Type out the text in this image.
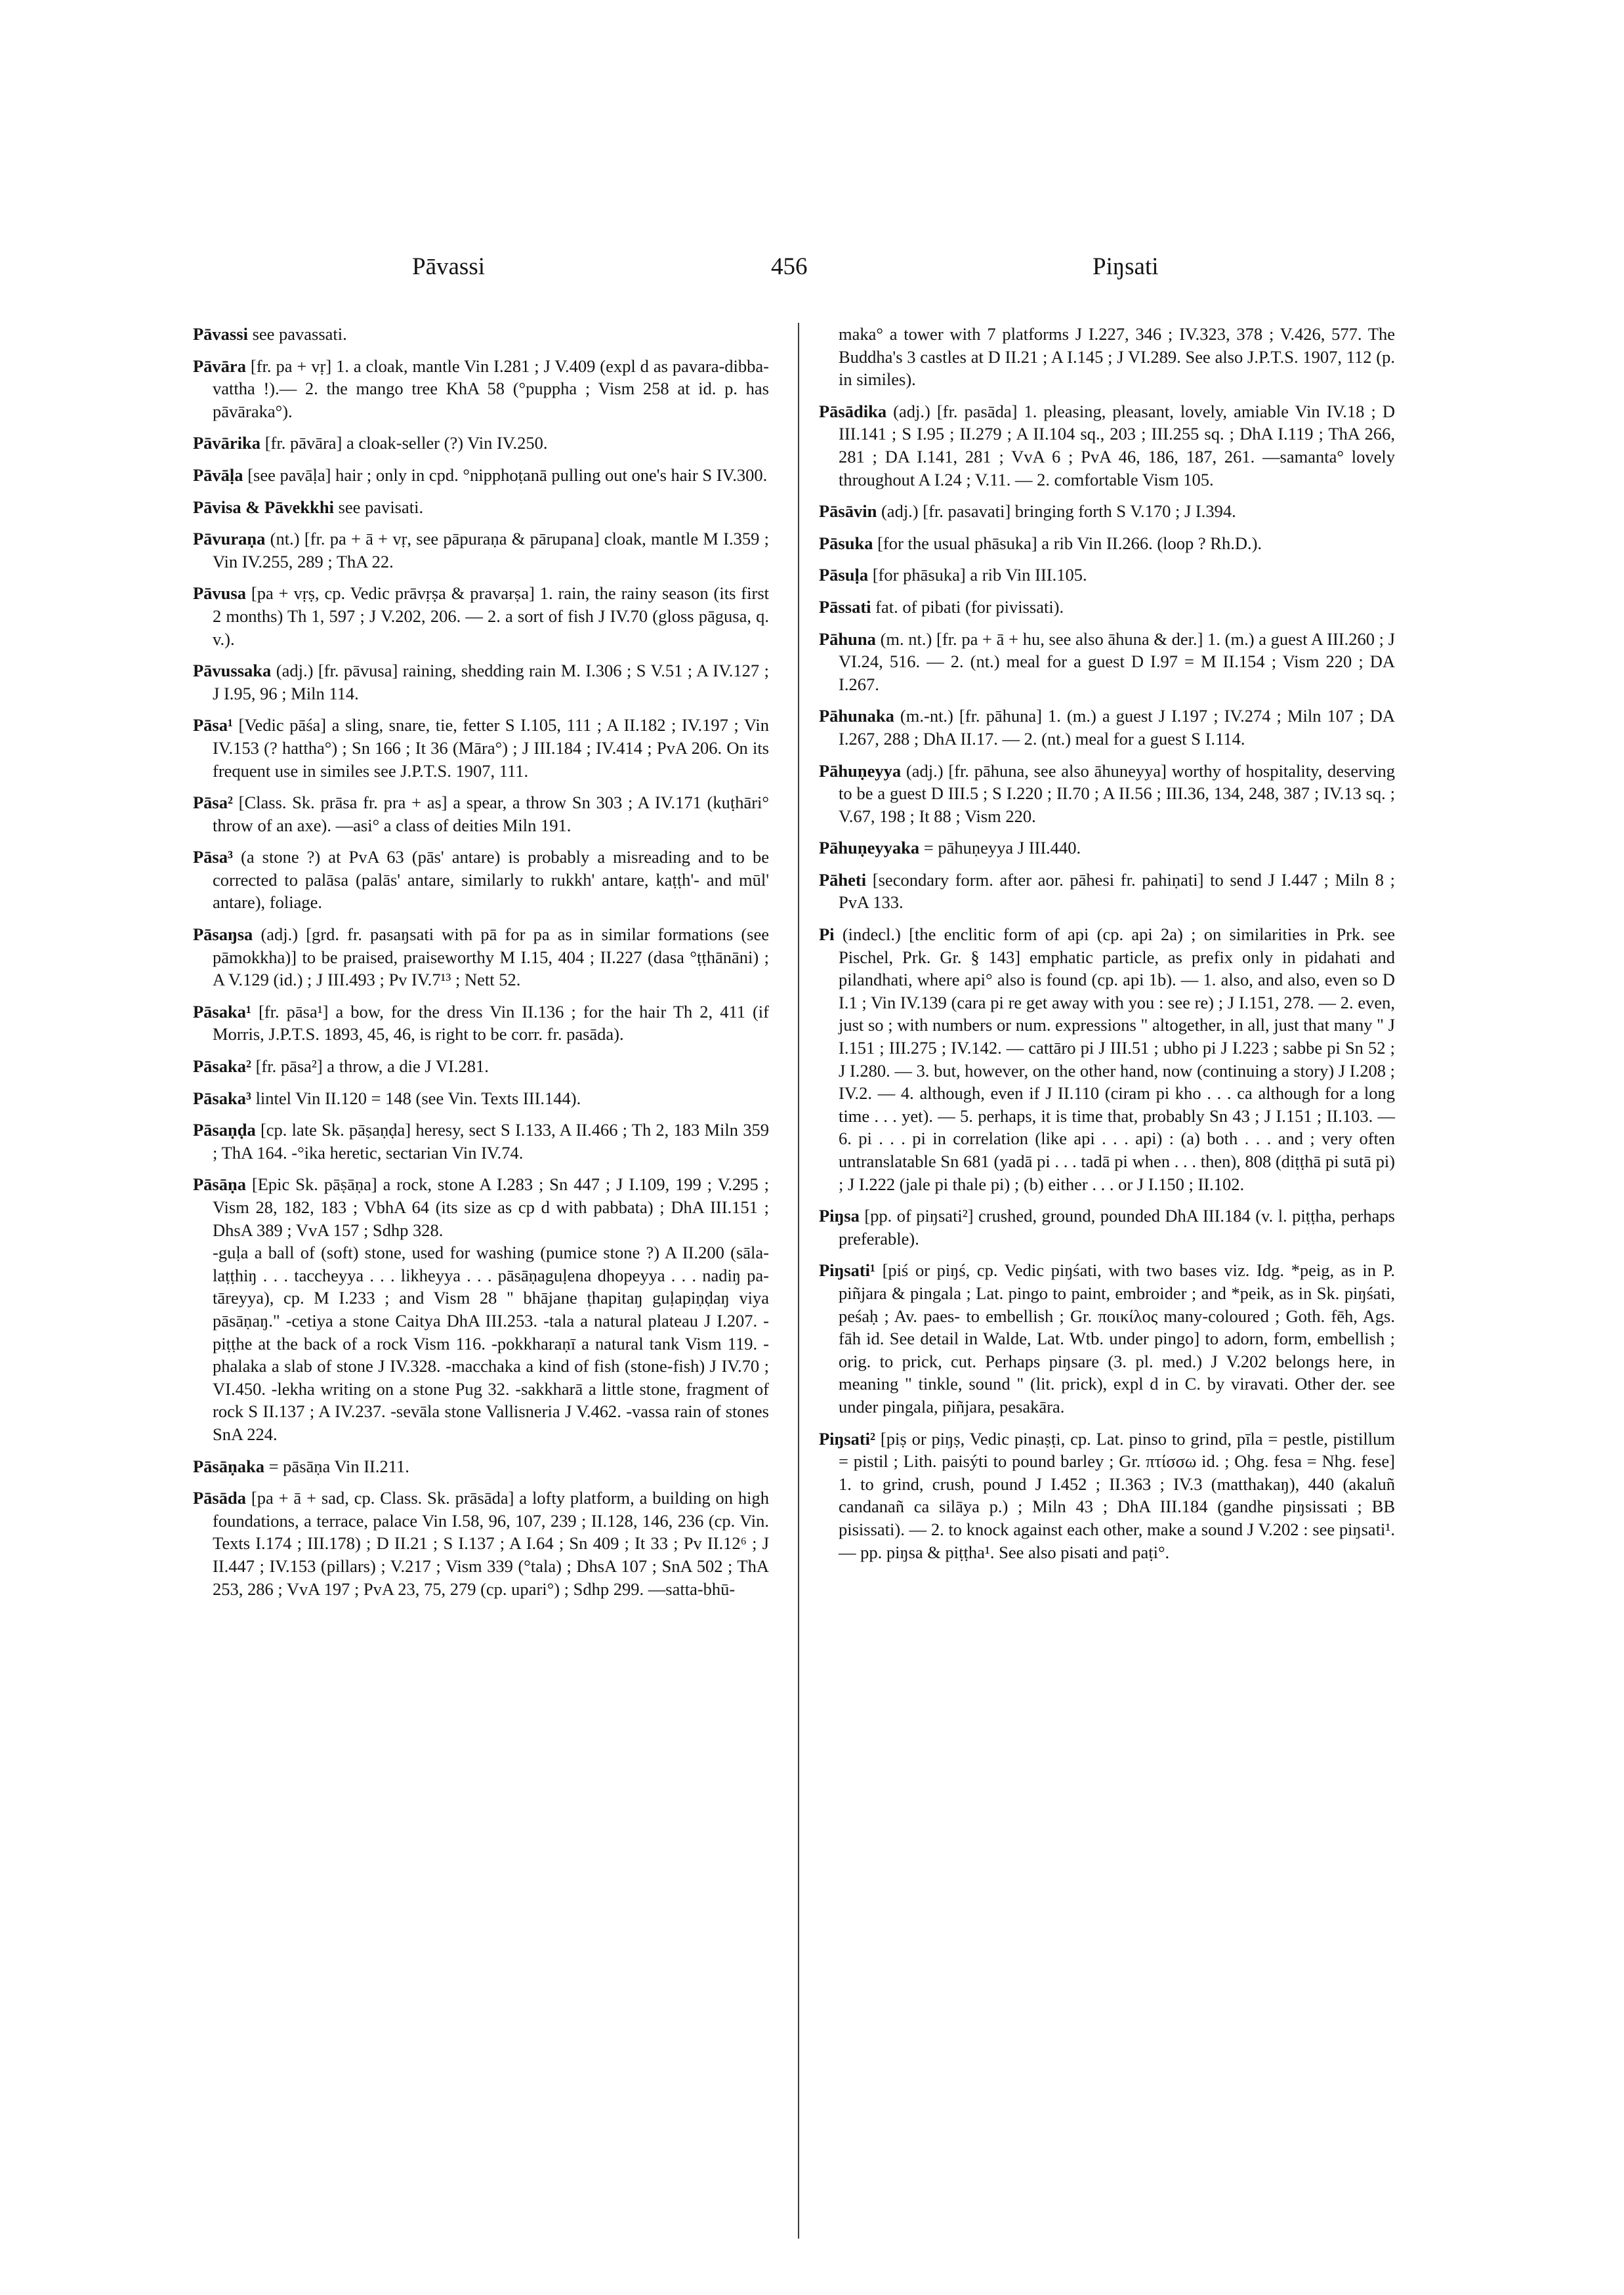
Pāvassi	456	Piŋsati

Pāvassi see pavassati.

Pāvāra [fr. pa + vṛ] 1. a cloak, mantle Vin I.281 ; J V.409 (expl d as pavara-dibba-vattha !).— 2. the mango tree KhA 58 (°puppha ; Vism 258 at id. p. has pāvāraka°).

Pāvārika [fr. pāvāra] a cloak-seller (?) Vin IV.250.

Pāvāḷa [see pavāḷa] hair ; only in cpd. °nipphoṭanā pulling out one's hair S IV.300.

Pāvisa & Pāvekkhi see pavisati.

Pāvuraṇa (nt.) [fr. pa + ā + vṛ, see pāpuraṇa & pārupana] cloak, mantle M I.359 ; Vin IV.255, 289 ; ThA 22.

Pāvusa [pa + vṛṣ, cp. Vedic prāvṛṣa & pravarṣa] 1. rain, the rainy season (its first 2 months) Th 1, 597 ; J V.202, 206. — 2. a sort of fish J IV.70 (gloss pāgusa, q. v.).

Pāvussaka (adj.) [fr. pāvusa] raining, shedding rain M. I.306 ; S V.51 ; A IV.127 ; J I.95, 96 ; Miln 114.

Pāsa¹ [Vedic pāśa] a sling, snare, tie, fetter S I.105, 111 ; A II.182 ; IV.197 ; Vin IV.153 (? hattha°) ; Sn 166 ; It 36 (Māra°) ; J III.184 ; IV.414 ; PvA 206. On its frequent use in similes see J.P.T.S. 1907, 111.

Pāsa² [Class. Sk. prāsa fr. pra + as] a spear, a throw Sn 303 ; A IV.171 (kuṭhāri° throw of an axe). —asi° a class of deities Miln 191.

Pāsa³ (a stone ?) at PvA 63 (pās' antare) is probably a misreading and to be corrected to palāsa (palās' antare, similarly to rukkh' antare, kaṭṭh'- and mūl' antare), foliage.

Pāsaŋsa (adj.) [grd. fr. pasaŋsati with pā for pa as in similar formations (see pāmokkha)] to be praised, praiseworthy M I.15, 404 ; II.227 (dasa °ṭṭhānāni) ; A V.129 (id.) ; J III.493 ; Pv IV.7¹³ ; Nett 52.

Pāsaka¹ [fr. pāsa¹] a bow, for the dress Vin II.136 ; for the hair Th 2, 411 (if Morris, J.P.T.S. 1893, 45, 46, is right to be corr. fr. pasāda).

Pāsaka² [fr. pāsa²] a throw, a die J VI.281.

Pāsaka³ lintel Vin II.120 = 148 (see Vin. Texts III.144).

Pāsaṇḍa [cp. late Sk. pāṣaṇḍa] heresy, sect S I.133, A II.466 ; Th 2, 183 Miln 359 ; ThA 164. -°ika heretic, sectarian Vin IV.74.

Pāsāṇa [Epic Sk. pāṣāṇa] a rock, stone A I.283 ; Sn 447 ; J I.109, 199 ; V.295 ; Vism 28, 182, 183 ; VbhA 64 (its size as cp d with pabbata) ; DhA III.151 ; DhsA 389 ; VvA 157 ; Sdhp 328.

-guḷa a ball of (soft) stone, used for washing (pumice stone ?) A II.200 (sāla-laṭṭhiŋ . . . taccheyya . . . likheyya . . . pāsāṇaguḷena dhopeyya . . . nadiŋ pa-tāreyya), cp. M I.233 ; and Vism 28 " bhājane ṭhapitaŋ guḷapiṇḍaŋ viya pāsāṇaŋ." -cetiya a stone Caitya DhA III.253. -tala a natural plateau J I.207. -piṭṭhe at the back of a rock Vism 116. -pokkharaṇī a natural tank Vism 119. -phalaka a slab of stone J IV.328. -macchaka a kind of fish (stone-fish) J IV.70 ; VI.450. -lekha writing on a stone Pug 32. -sakkharā a little stone, fragment of rock S II.137 ; A IV.237. -sevāla stone Vallisneria J V.462. -vassa rain of stones SnA 224.

Pāsāṇaka = pāsāṇa Vin II.211.

Pāsāda [pa + ā + sad, cp. Class. Sk. prāsāda] a lofty platform, a building on high foundations, a terrace, palace Vin I.58, 96, 107, 239 ; II.128, 146, 236 (cp. Vin. Texts I.174 ; III.178) ; D II.21 ; S I.137 ; A I.64 ; Sn 409 ; It 33 ; Pv II.12⁶ ; J II.447 ; IV.153 (pillars) ; V.217 ; Vism 339 (°tala) ; DhsA 107 ; SnA 502 ; ThA 253, 286 ; VvA 197 ; PvA 23, 75, 279 (cp. upari°) ; Sdhp 299. —satta-bhū-

maka° a tower with 7 platforms J I.227, 346 ; IV.323, 378 ; V.426, 577. The Buddha's 3 castles at D II.21 ; A I.145 ; J VI.289. See also J.P.T.S. 1907, 112 (p. in similes).

Pāsādika (adj.) [fr. pasāda] 1. pleasing, pleasant, lovely, amiable Vin IV.18 ; D III.141 ; S I.95 ; II.279 ; A II.104 sq., 203 ; III.255 sq. ; DhA I.119 ; ThA 266, 281 ; DA I.141, 281 ; VvA 6 ; PvA 46, 186, 187, 261. —samanta° lovely throughout A I.24 ; V.11. — 2. comfortable Vism 105.

Pāsāvin (adj.) [fr. pasavati] bringing forth S V.170 ; J I.394.

Pāsuka [for the usual phāsuka] a rib Vin II.266. (loop ? Rh.D.).

Pāsuḷa [for phāsuka] a rib Vin III.105.

Pāssati fat. of pibati (for pivissati).

Pāhuna (m. nt.) [fr. pa + ā + hu, see also āhuna & der.] 1. (m.) a guest A III.260 ; J VI.24, 516. — 2. (nt.) meal for a guest D I.97 = M II.154 ; Vism 220 ; DA I.267.

Pāhunaka (m.-nt.) [fr. pāhuna] 1. (m.) a guest J I.197 ; IV.274 ; Miln 107 ; DA I.267, 288 ; DhA II.17. — 2. (nt.) meal for a guest S I.114.

Pāhuṇeyya (adj.) [fr. pāhuna, see also āhuneyya] worthy of hospitality, deserving to be a guest D III.5 ; S I.220 ; II.70 ; A II.56 ; III.36, 134, 248, 387 ; IV.13 sq. ; V.67, 198 ; It 88 ; Vism 220.

Pāhuṇeyyaka = pāhuṇeyya J III.440.

Pāheti [secondary form. after aor. pāhesi fr. pahiṇati] to send J I.447 ; Miln 8 ; PvA 133.

Pi (indecl.) [the enclitic form of api (cp. api 2a) ; on similarities in Prk. see Pischel, Prk. Gr. § 143] emphatic particle, as prefix only in pidahati and pilandhati, where api° also is found (cp. api 1b). — 1. also, and also, even so D I.1 ; Vin IV.139 (cara pi re get away with you : see re) ; J I.151, 278. — 2. even, just so ; with numbers or num. expressions " altogether, in all, just that many " J I.151 ; III.275 ; IV.142. — cattāro pi J III.51 ; ubho pi J I.223 ; sabbe pi Sn 52 ; J I.280. — 3. but, however, on the other hand, now (continuing a story) J I.208 ; IV.2. — 4. although, even if J II.110 (ciram pi kho . . . ca although for a long time . . . yet). — 5. perhaps, it is time that, probably Sn 43 ; J I.151 ; II.103. — 6. pi . . . pi in correlation (like api . . . api) : (a) both . . . and ; very often untranslatable Sn 681 (yadā pi . . . tadā pi when . . . then), 808 (diṭṭhā pi sutā pi) ; J I.222 (jale pi thale pi) ; (b) either . . . or J I.150 ; II.102.

Piŋsa [pp. of piŋsati²] crushed, ground, pounded DhA III.184 (v. l. piṭṭha, perhaps preferable).

Piŋsati¹ [piś or piŋś, cp. Vedic piŋśati, with two bases viz. Idg. *peig, as in P. piñjara & pingala ; Lat. pingo to paint, embroider ; and *peik, as in Sk. piŋśati, peśaḥ ; Av. paes- to embellish ; Gr. ποικίλος many-coloured ; Goth. fēh, Ags. fāh id. See detail in Walde, Lat. Wtb. under pingo] to adorn, form, embellish ; orig. to prick, cut. Perhaps piŋsare (3. pl. med.) J V.202 belongs here, in meaning " tinkle, sound " (lit. prick), expl d in C. by viravati. Other der. see under pingala, piñjara, pesakāra.

Piŋsati² [piṣ or piŋṣ, Vedic pinaṣṭi, cp. Lat. pinso to grind, pīla = pestle, pistillum = pistil ; Lith. paisýti to pound barley ; Gr. πτίσσω id. ; Ohg. fesa = Nhg. fese] 1. to grind, crush, pound J I.452 ; II.363 ; IV.3 (matthakaŋ), 440 (akaluñ candanañ ca silāya p.) ; Miln 43 ; DhA III.184 (gandhe piŋsissati ; BB pisissati). — 2. to knock against each other, make a sound J V.202 : see piŋsati¹. — pp. piŋsa & piṭṭha¹. See also pisati and paṭi°.
